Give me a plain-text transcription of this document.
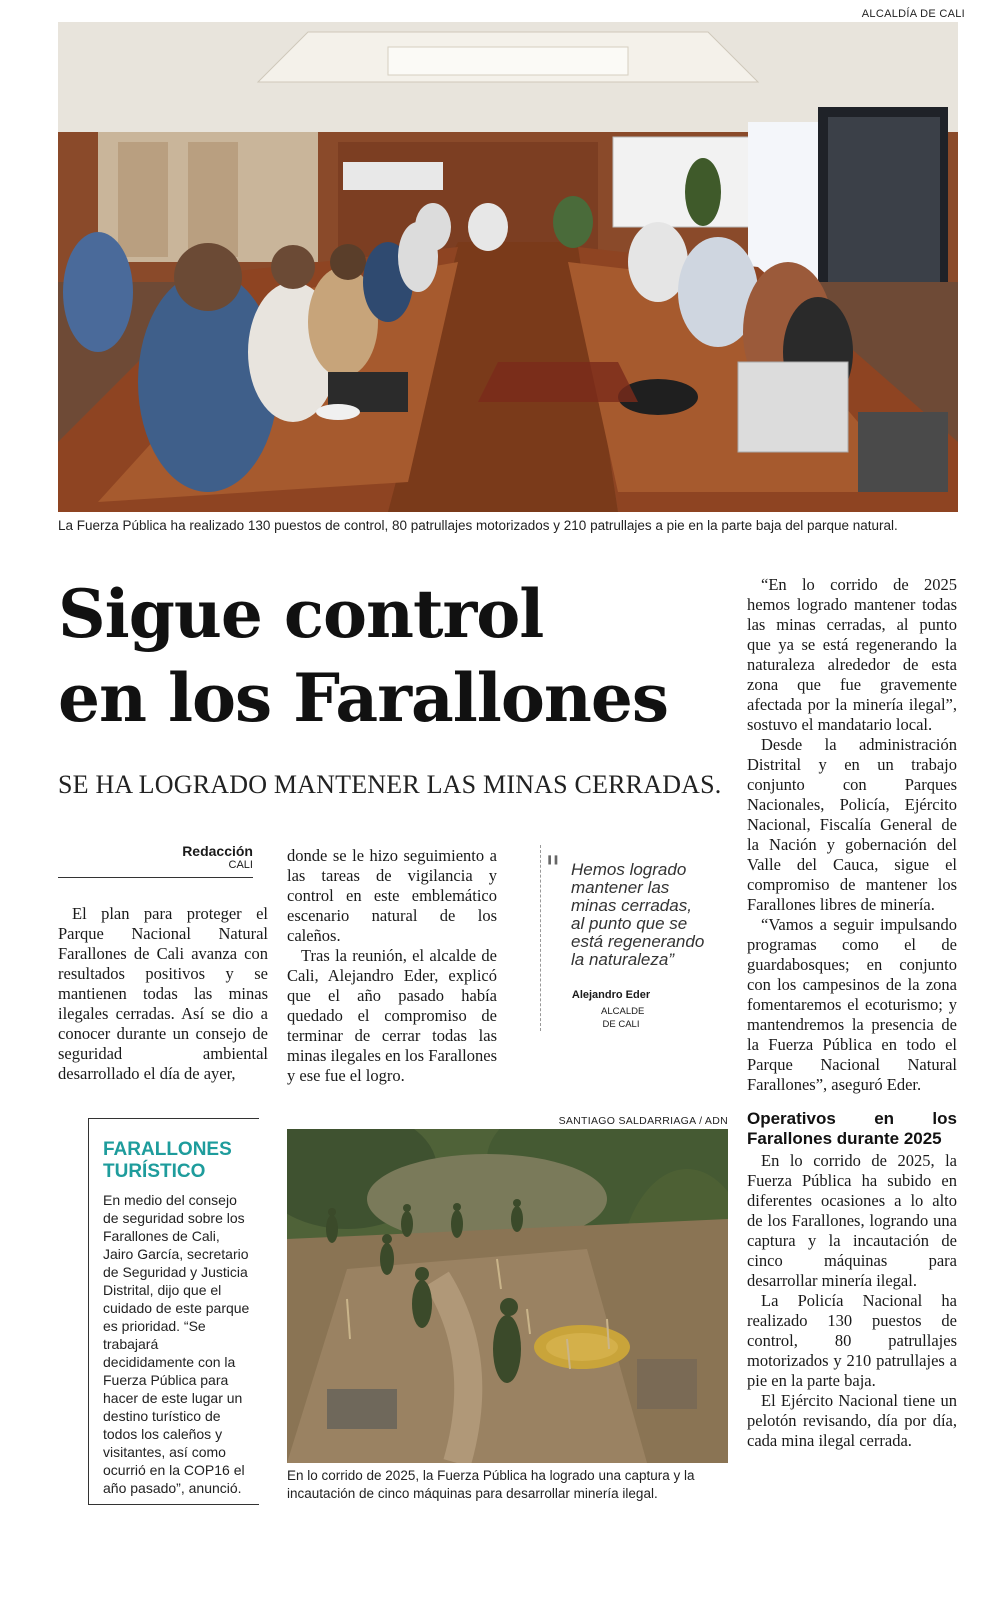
ALCALDÍA DE CALI
La Fuerza Pública ha realizado 130 puestos de control, 80 patrullajes motorizados y 210 patrullajes a pie en la parte baja del parque natural.
Sigue control
en los Farallones
SE HA LOGRADO MANTENER LAS MINAS CERRADAS.
Redacción
CALI

El plan para proteger el Parque Nacional Natural Farallones de Cali avanza con resultados positivos y se mantienen todas las minas ilegales cerradas. Así se dio a conocer durante un consejo de seguridad ambiental desarrollado el día de ayer,

donde se le hizo seguimiento a las tareas de vigilancia y control en este emblemático escenario natural de los caleños.

Tras la reunión, el alcalde de Cali, Alejandro Eder, explicó que el año pasado había quedado el compromiso de terminar de cerrar todas las minas ilegales en los Farallones y ese fue el logro.

" Hemos logrado mantener las minas cerradas, al punto que se está regenerando la naturaleza”
Alejandro Eder
ALCALDE DE CALI

“En lo corrido de 2025 hemos logrado mantener todas las minas cerradas, al punto que ya se está regenerando la naturaleza alrededor de esta zona que fue gravemente afectada por la minería ilegal”, sostuvo el mandatario local.

Desde la administración Distrital y en un trabajo conjunto con Parques Nacionales, Policía, Ejército Nacional, Fiscalía General de la Nación y gobernación del Valle del Cauca, sigue el compromiso de mantener los Farallones libres de minería.

“Vamos a seguir impulsando programas como el de guardabosques; en conjunto con los campesinos de la zona fomentaremos el ecoturismo; y mantendremos la presencia de la Fuerza Pública en todo el Parque Nacional Natural Farallones”, aseguró Eder.

Operativos en los Farallones durante 2025

En lo corrido de 2025, la Fuerza Pública ha subido en diferentes ocasiones a lo alto de los Farallones, logrando una captura y la incautación de cinco máquinas para desarrollar minería ilegal.

La Policía Nacional ha realizado 130 puestos de control, 80 patrullajes motorizados y 210 patrullajes a pie en la parte baja.

El Ejército Nacional tiene un pelotón revisando, día por día, cada mina ilegal cerrada.

FARALLONES TURÍSTICO
En medio del consejo de seguridad sobre los Farallones de Cali, Jairo García, secretario de Seguridad y Justicia Distrital, dijo que el cuidado de este parque es prioridad. “Se trabajará decididamente con la Fuerza Pública para hacer de este lugar un destino turístico de todos los caleños y visitantes, así como ocurrió en la COP16 el año pasado”, anunció.
SANTIAGO SALDARRIAGA / ADN
En lo corrido de 2025, la Fuerza Pública ha logrado una captura y la incautación de cinco máquinas para desarrollar minería ilegal.
